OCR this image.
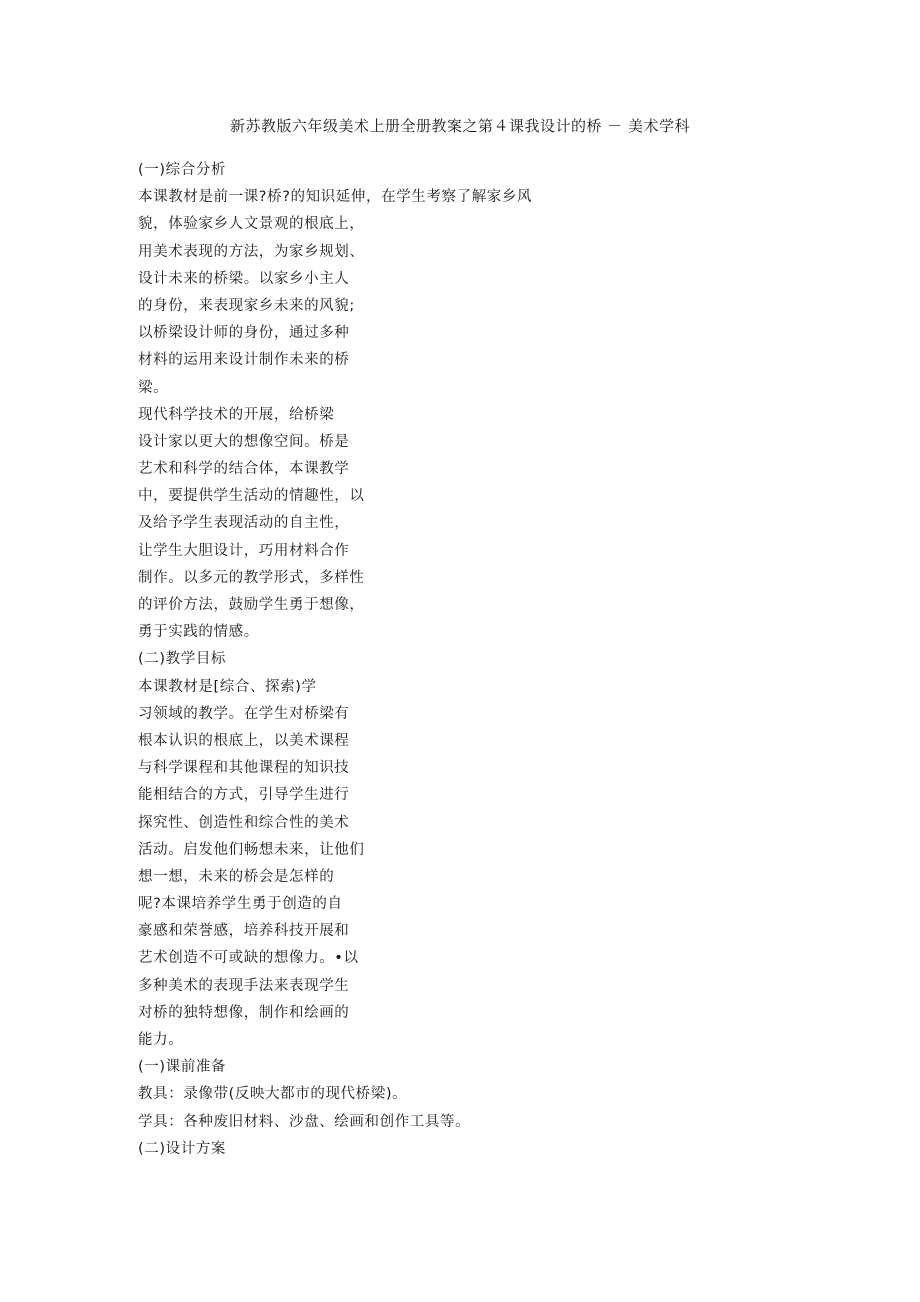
新苏教版六年级美术上册全册教案之第４课我设计的桥 － 美术学科
(一)综合分析
本课教材是前一课?桥?的知识延伸，在学生考察了解家乡风
貌，体验家乡人文景观的根底上，
用美术表现的方法，为家乡规划、
设计未来的桥梁。以家乡小主人
的身份，来表现家乡未来的风貌;
以桥梁设计师的身份，通过多种
材料的运用来设计制作未来的桥
梁。
现代科学技术的开展，给桥梁
设计家以更大的想像空间。桥是
艺术和科学的结合体，本课教学
中，要提供学生活动的情趣性，以
及给予学生表现活动的自主性，
让学生大胆设计，巧用材料合作
制作。以多元的教学形式，多样性
的评价方法，鼓励学生勇于想像，
勇于实践的情感。
(二)教学目标
本课教材是[综合、探索)学
习领域的教学。在学生对桥梁有
根本认识的根底上，以美术课程
与科学课程和其他课程的知识技
能相结合的方式，引导学生进行
探究性、创造性和综合性的美术
活动。启发他们畅想未来，让他们
想一想，未来的桥会是怎样的
呢?本课培养学生勇于创造的自
豪感和荣誉感，培养科技开展和
艺术创造不可或缺的想像力。•以
多种美术的表现手法来表现学生
对桥的独特想像，制作和绘画的
能力。
(一)课前准备
教具：录像带(反映大都市的现代桥梁)。
学具：各种废旧材料、沙盘、绘画和创作工具等。
(二)设计方案
